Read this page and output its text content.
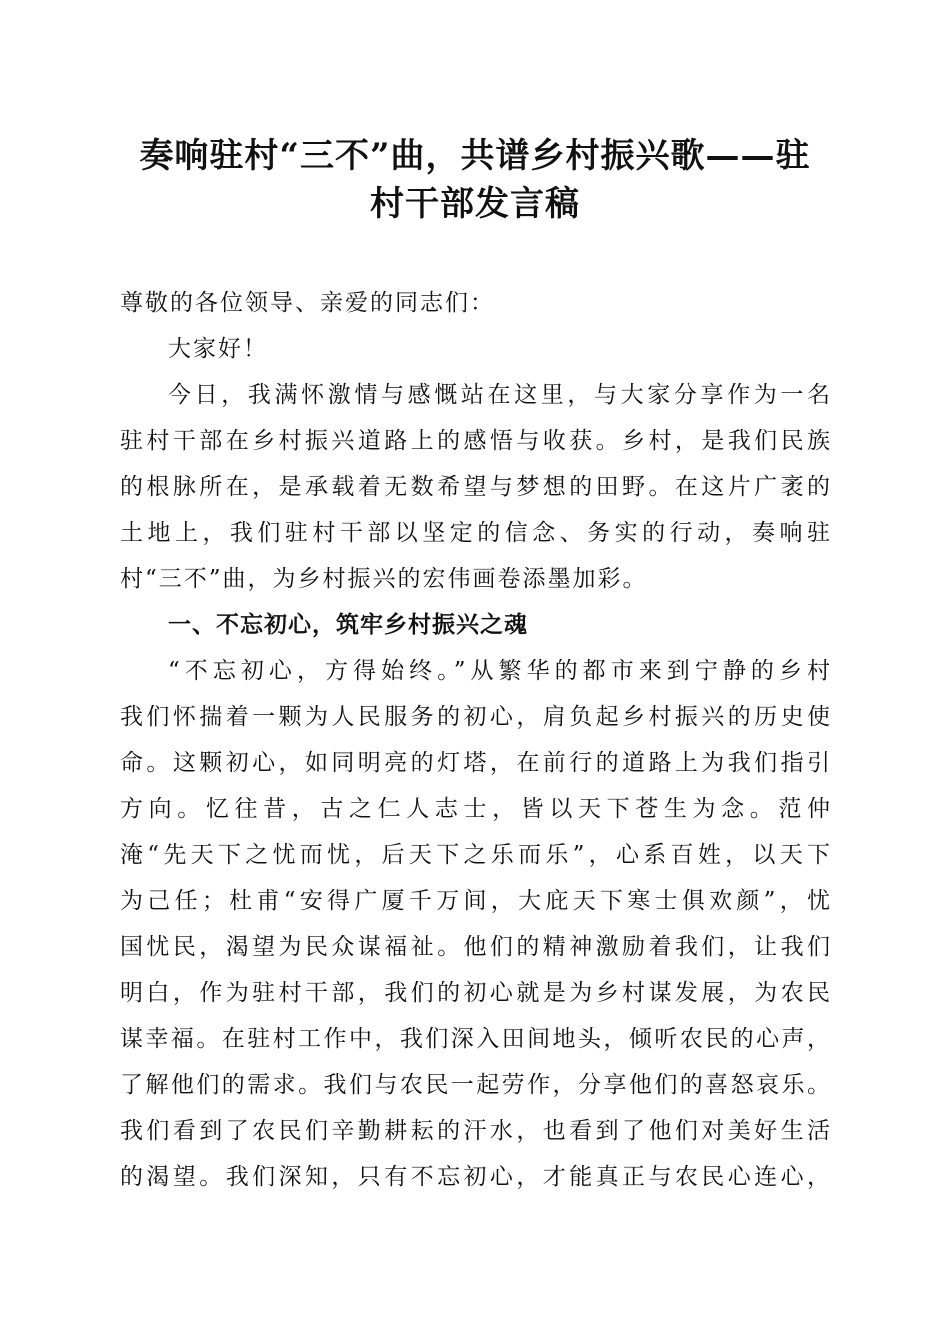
奏响驻村“三不”曲，共谱乡村振兴歌——驻
村干部发言稿
尊敬的各位领导、亲爱的同志们：
大家好！
今日，我满怀激情与感慨站在这里，与大家分享作为一名
驻村干部在乡村振兴道路上的感悟与收获。乡村，是我们民族
的根脉所在，是承载着无数希望与梦想的田野。在这片广袤的
土地上，我们驻村干部以坚定的信念、务实的行动，奏响驻
村“三不”曲，为乡村振兴的宏伟画卷添墨加彩。
一、不忘初心，筑牢乡村振兴之魂
“不忘初心，方得始终。”从繁华的都市来到宁静的乡村
我们怀揣着一颗为人民服务的初心，肩负起乡村振兴的历史使
命。这颗初心，如同明亮的灯塔，在前行的道路上为我们指引
方向。忆往昔，古之仁人志士，皆以天下苍生为念。范仲
淹“先天下之忧而忧，后天下之乐而乐”，心系百姓，以天下
为己任；杜甫“安得广厦千万间，大庇天下寒士俱欢颜”，忧
国忧民，渴望为民众谋福祉。他们的精神激励着我们，让我们
明白，作为驻村干部，我们的初心就是为乡村谋发展，为农民
谋幸福。在驻村工作中，我们深入田间地头，倾听农民的心声，
了解他们的需求。我们与农民一起劳作，分享他们的喜怒哀乐。
我们看到了农民们辛勤耕耘的汗水，也看到了他们对美好生活
的渴望。我们深知，只有不忘初心，才能真正与农民心连心，
